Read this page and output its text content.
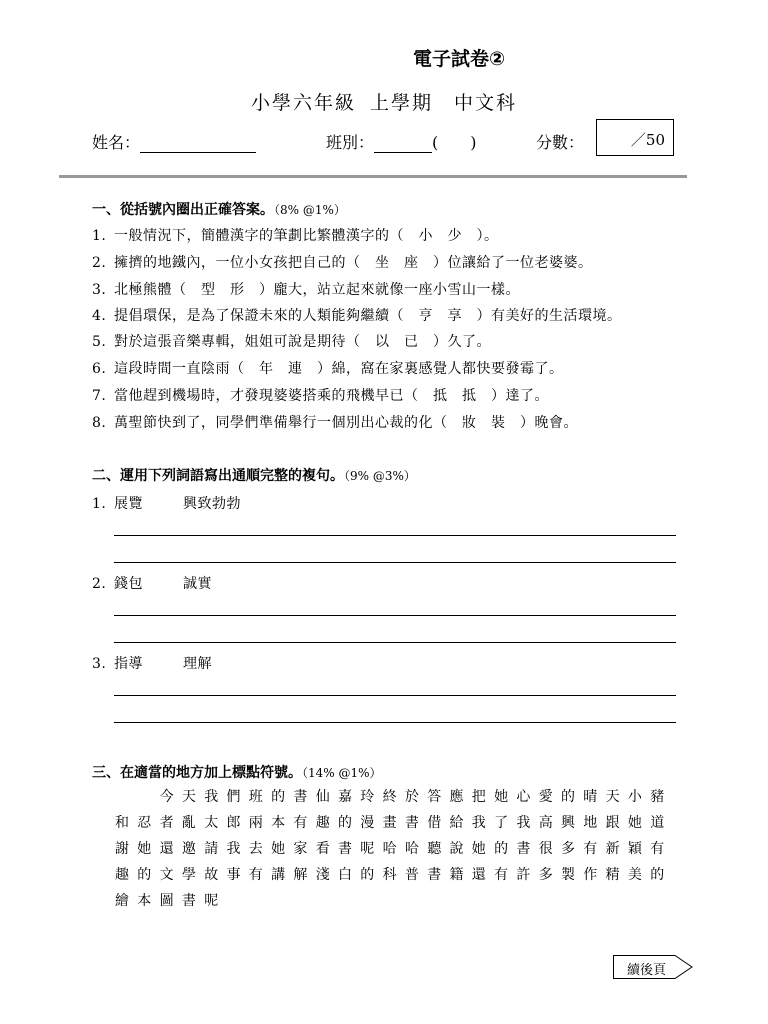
電子試卷②
小學六年級 上學期　中文科
姓名：	班別：	(　　)	分數：	／50
一、從括號內圈出正確答案。（8% @1%）
1. 一般情況下，簡體漢字的筆劃比繁體漢字的（　小　少　）。
2. 擁擠的地鐵內，一位小女孩把自己的（　坐　座　）位讓給了一位老婆婆。
3. 北極熊體（　型　形　）龐大，站立起來就像一座小雪山一樣。
4. 提倡環保，是為了保證未來的人類能夠繼續（　亨　享　）有美好的生活環境。
5. 對於這張音樂專輯，姐姐可說是期待（　以　已　）久了。
6. 這段時間一直陰雨（　年　連　）綿，窩在家裏感覺人都快要發霉了。
7. 當他趕到機場時，才發現婆婆搭乘的飛機早已（　抵　抵　）達了。
8. 萬聖節快到了，同學們準備舉行一個別出心裁的化（　妝　裝　）晚會。
二、運用下列詞語寫出通順完整的複句。（9% @3%）
1. 展覽	興致勃勃
2. 錢包	誠實
3. 指導	理解
三、在適當的地方加上標點符號。（14% @1%）

　　今天我們班的書仙嘉玲終於答應把她心愛的晴天小豬

和忍者亂太郎兩本有趣的漫畫書借給我了我高興地跟她道

謝她還邀請我去她家看書呢哈哈聽說她的書很多有新穎有

趣的文學故事有講解淺白的科普書籍還有許多製作精美的

繪本圖書呢

續後頁
